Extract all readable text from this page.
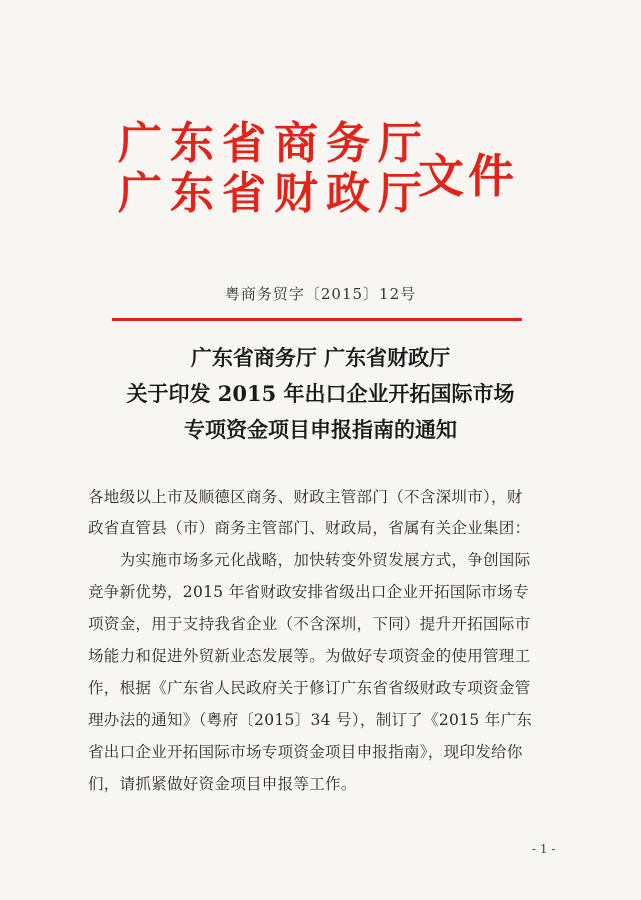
广东省商务厅
广东省财政厅
文件
粤商务贸字〔2015〕12号
广东省商务厅 广东省财政厅
关于印发 2015 年出口企业开拓国际市场
专项资金项目申报指南的通知
各地级以上市及顺德区商务、财政主管部门（不含深圳市），财
政省直管县（市）商务主管部门、财政局，省属有关企业集团：
　　为实施市场多元化战略，加快转变外贸发展方式，争创国际
竞争新优势，2015 年省财政安排省级出口企业开拓国际市场专
项资金，用于支持我省企业（不含深圳，下同）提升开拓国际市
场能力和促进外贸新业态发展等。为做好专项资金的使用管理工
作，根据《广东省人民政府关于修订广东省省级财政专项资金管
理办法的通知》（粤府〔2015〕34 号），制订了《2015 年广东
省出口企业开拓国际市场专项资金项目申报指南》，现印发给你
们，请抓紧做好资金项目申报等工作。
- 1 -
